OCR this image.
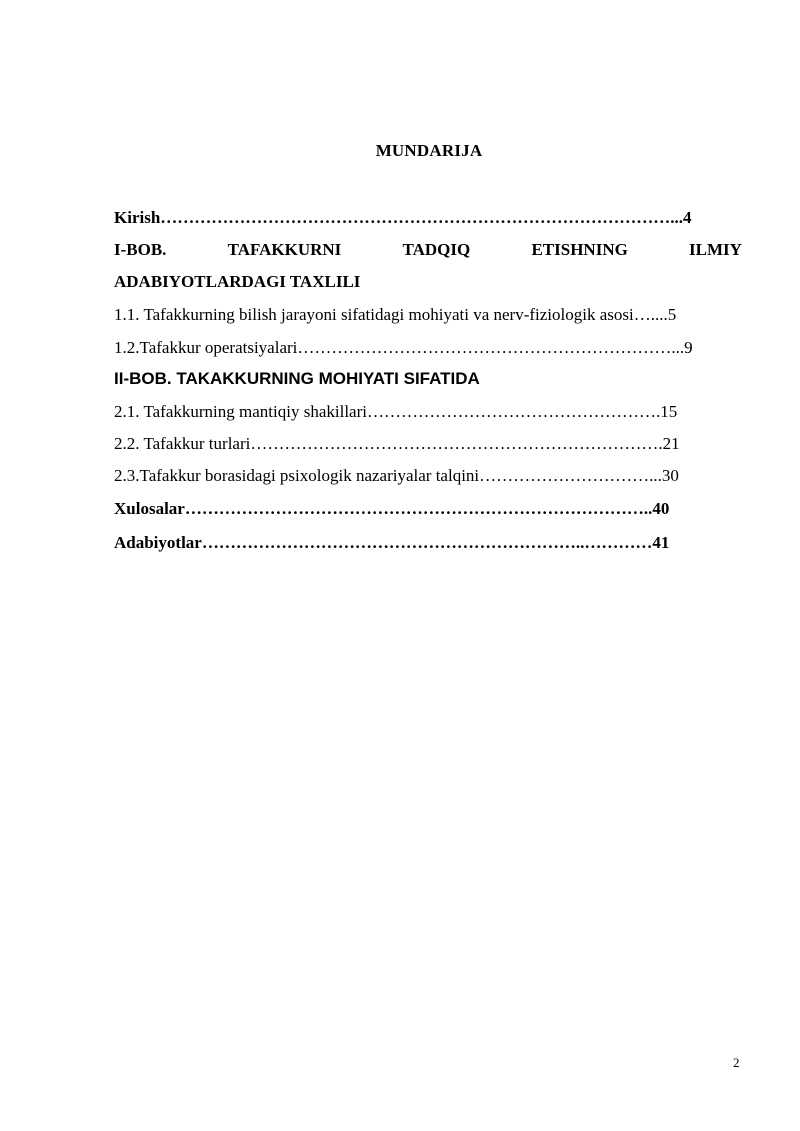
MUNDARIJA
Kirish………………………………………………………………………………...4
I-BOB.	TAFAKKURNI	TADQIQ	ETISHNING	ILMIY
ADABIYOTLARDAGI TAXLILI
1.1. Tafakkurning bilish jarayoni sifatidagi mohiyati va nerv-fiziologik asosi…....5
1.2.Tafakkur operatsiyalari…………………………………………………………...9
II-BOB. TAKAKKURNING MOHIYATI SIFATIDA
2.1. Tafakkurning mantiqiy shakillari…………………………………………….15
2.2. Tafakkur turlari……………………………………………………………….21
2.3.Tafakkur borasidagi psixologik nazariyalar talqini…………………………...30
Xulosalar………………………………………………………………………..40
Adabiyotlar…………………………………………………………..…………41
2
